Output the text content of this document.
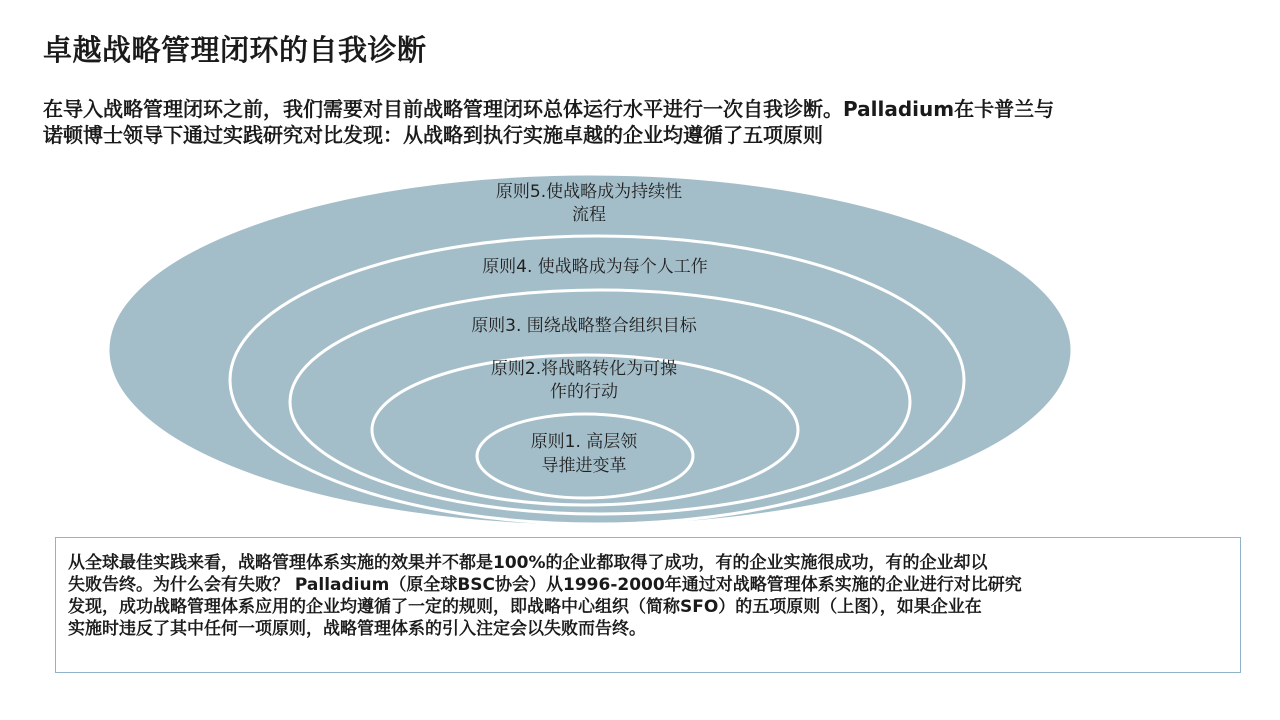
卓越战略管理闭环的自我诊断
在导入战略管理闭环之前，我们需要对目前战略管理闭环总体运行水平进行一次自我诊断。Palladium在卡普兰与
诺顿博士领导下通过实践研究对比发现：从战略到执行实施卓越的企业均遵循了五项原则
原则5.使战略成为持续性
流程
原则4. 使战略成为每个人工作
原则3. 围绕战略整合组织目标
原则2.将战略转化为可操
作的行动
原则1. 高层领
导推进变革
从全球最佳实践来看，战略管理体系实施的效果并不都是100%的企业都取得了成功，有的企业实施很成功，有的企业却以
失败告终。为什么会有失败？ Palladium（原全球BSC协会）从1996-2000年通过对战略管理体系实施的企业进行对比研究
发现，成功战略管理体系应用的企业均遵循了一定的规则，即战略中心组织（简称SFO）的五项原则（上图），如果企业在
实施时违反了其中任何一项原则，战略管理体系的引入注定会以失败而告终。
